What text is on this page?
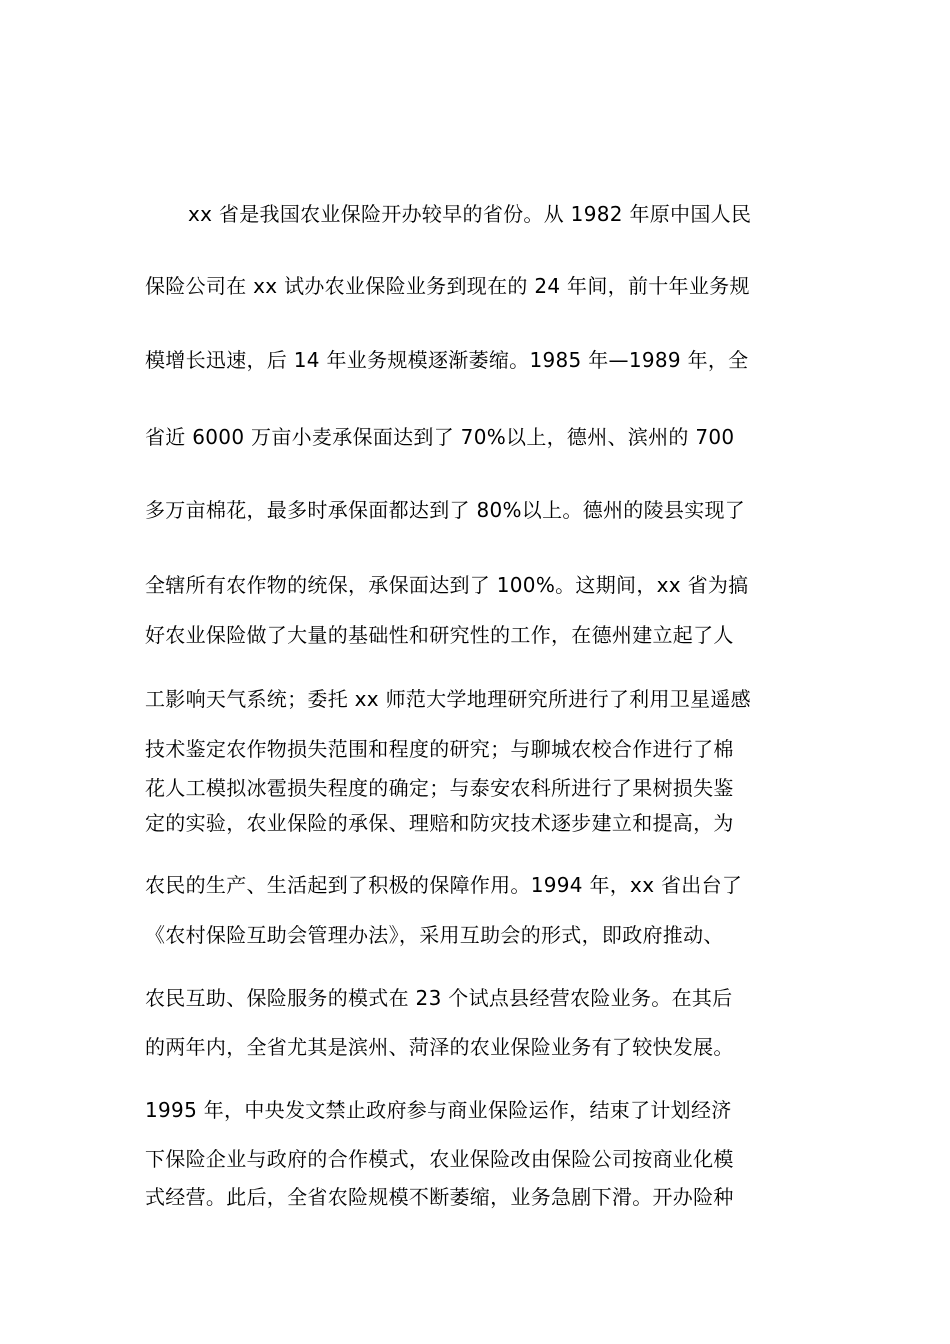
xx 省是我国农业保险开办较早的省份。从 1982 年原中国人民
保险公司在 xx 试办农业保险业务到现在的 24 年间，前十年业务规
模增长迅速，后 14 年业务规模逐渐萎缩。1985 年—1989 年，全
省近 6000 万亩小麦承保面达到了 70%以上，德州、滨州的 700
多万亩棉花，最多时承保面都达到了 80%以上。德州的陵县实现了
全辖所有农作物的统保，承保面达到了 100%。这期间，xx 省为搞
好农业保险做了大量的基础性和研究性的工作，在德州建立起了人
工影响天气系统；委托 xx 师范大学地理研究所进行了利用卫星遥感
技术鉴定农作物损失范围和程度的研究；与聊城农校合作进行了棉
花人工模拟冰雹损失程度的确定；与泰安农科所进行了果树损失鉴
定的实验，农业保险的承保、理赔和防灾技术逐步建立和提高，为
农民的生产、生活起到了积极的保障作用。1994 年，xx 省出台了
《农村保险互助会管理办法》，采用互助会的形式，即政府推动、
农民互助、保险服务的模式在 23 个试点县经营农险业务。在其后
的两年内，全省尤其是滨州、菏泽的农业保险业务有了较快发展。
1995 年，中央发文禁止政府参与商业保险运作，结束了计划经济
下保险企业与政府的合作模式，农业保险改由保险公司按商业化模
式经营。此后，全省农险规模不断萎缩，业务急剧下滑。开办险种
